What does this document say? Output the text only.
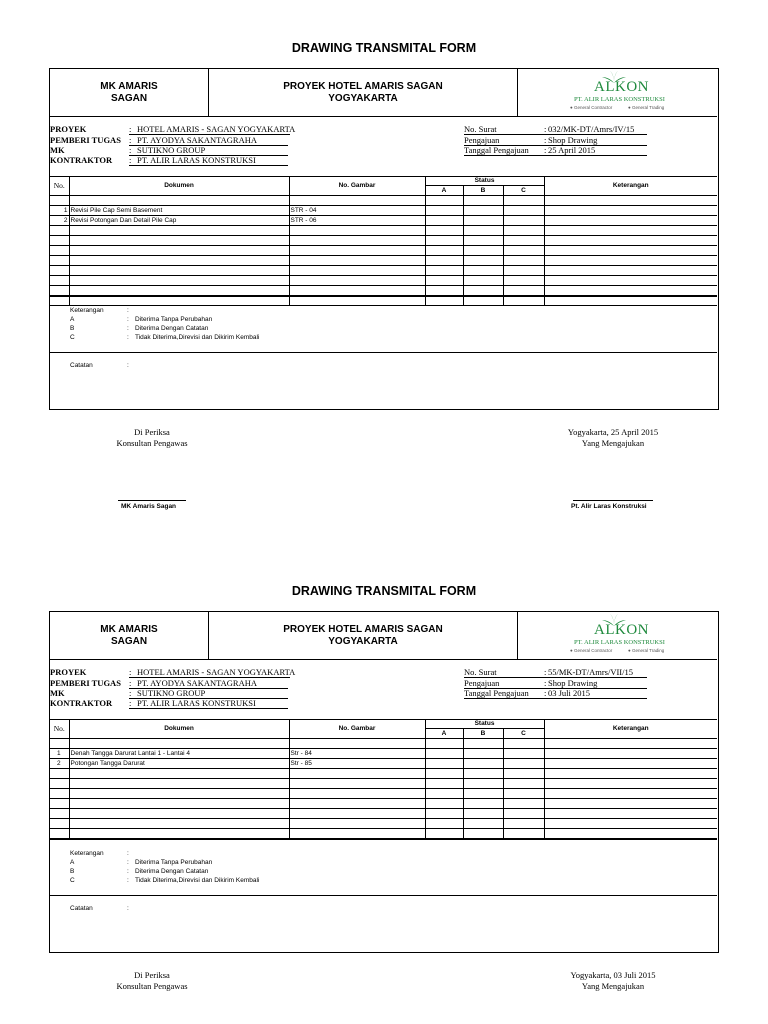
DRAWING TRANSMITAL FORM
MK AMARIS
SAGAN
PROYEK HOTEL AMARIS SAGAN
YOGYAKARTA
ALKON
PT. ALIR LARAS KONSTRUKSI
● General Contractor	● General Trading
PROYEK	: HOTEL AMARIS - SAGAN YOGYAKARTA
PEMBERI TUGAS : PT. AYODYA SAKANTAGRAHA
MK	: SUTIKNO GROUP
KONTRAKTOR : PT. ALIR LARAS KONSTRUKSI
No. Surat	: 032/MK-DT/Amrs/IV/15
Pengajuan	: Shop Drawing
Tanggal Pengajuan : 25 April 2015
No.	Dokumen	No. Gambar	Status			Keterangan
			A	B	C	

1	Revisi Pile Cap Semi Basement	STR - 04				
2	Revisi Potongan Dan Detail Pile Cap	STR - 06				

Keterangan	:
A	: Diterima Tanpa Perubahan
B	: Diterima Dengan Catatan
C	: Tidak Diterima,Direvisi dan Dikirim Kembali
Catatan	:
Di Periksa
Konsultan Pengawas
MK Amaris Sagan
Yogyakarta, 25 April 2015
Yang Mengajukan
Pt. Alir Laras Konstruksi
DRAWING TRANSMITAL FORM
MK AMARIS
SAGAN
PROYEK HOTEL AMARIS SAGAN
YOGYAKARTA
ALKON
PT. ALIR LARAS KONSTRUKSI
● General Contractor	● General Trading
PROYEK	: HOTEL AMARIS - SAGAN YOGYAKARTA
PEMBERI TUGAS : PT. AYODYA SAKANTAGRAHA
MK	: SUTIKNO GROUP
KONTRAKTOR : PT. ALIR LARAS KONSTRUKSI
No. Surat	: 55/MK-DT/Amrs/VII/15
Pengajuan	: Shop Drawing
Tanggal Pengajuan : 03 Juli 2015
No.	Dokumen	No. Gambar	Status			Keterangan
			A	B	C	

1	Denah Tangga Darurat Lantai 1 - Lantai 4	Str - 84				
2	Potongan Tangga Darurat	Str - 85				

Keterangan	:
A	: Diterima Tanpa Perubahan
B	: Diterima Dengan Catatan
C	: Tidak Diterima,Direvisi dan Dikirim Kembali
Catatan	:
Di Periksa
Konsultan Pengawas
Yogyakarta, 03 Juli 2015
Yang Mengajukan
